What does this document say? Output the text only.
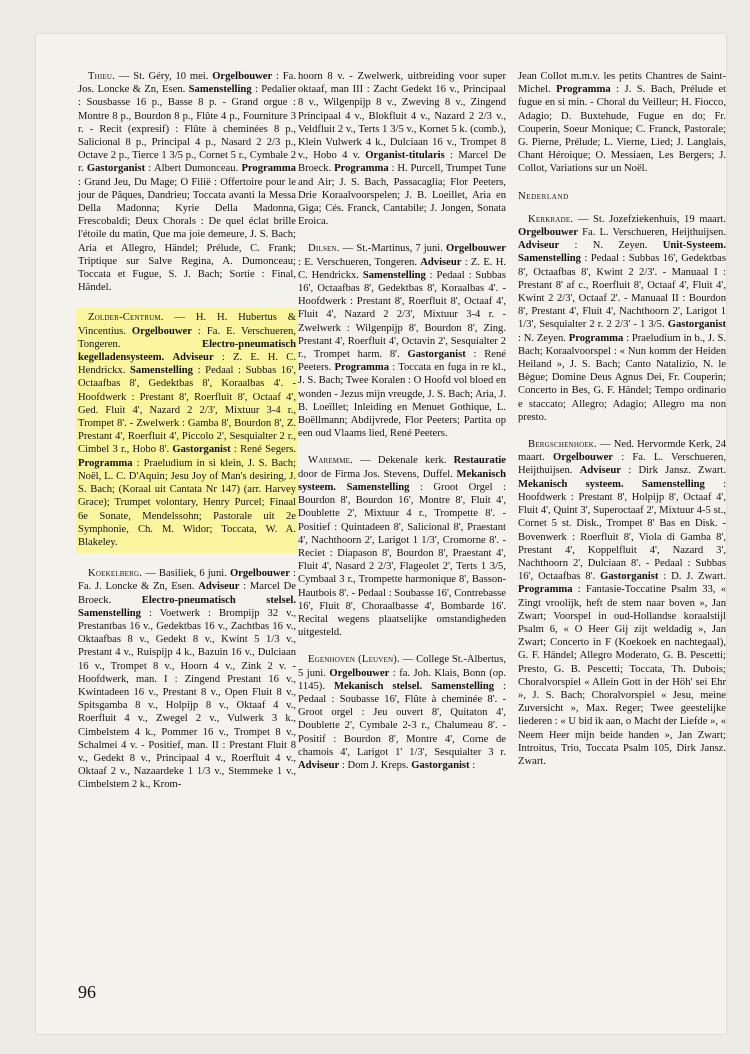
Thieu. — St. Géry, 10 mei. Orgelbouwer : Fa. Jos. Loncke & Zn, Esen. Samenstelling : Pedalier : Sousbasse 16 p., Basse 8 p. - Grand orgue : Montre 8 p., Bourdon 8 p., Flûte 4 p., Fourniture 3 r. - Recit (expresif) : Flûte à cheminées 8 p., Salicional 8 p., Principal 4 p., Nasard 2 2/3 p., Octave 2 p., Tierce 1 3/5 p., Cornet 5 r., Cymbale 2 r. Gastorganist : Albert Dumonceau. Programma : Grand Jeu, Du Mage; O Filië : Offertoire pour le jour de Pâques, Dandrieu; Toccata avanti la Messa Della Madonna; Kyrie Della Madonna, Frescobaldi; Deux Chorals : De quel éclat brille l'étoile du matin, Que ma joie demeure, J. S. Bach; Aria et Allegro, Händel; Prélude, C. Frank; Triptique sur Salve Regina, A. Dumonceau; Toccata et Fugue, S. J. Bach; Sortie : Final, Händel.

Zolder-Centrum. — H. H. Hubertus & Vincentius. Orgelbouwer : Fa. E. Verschueren, Tongeren. Electro-pneumatisch kegelladensysteem. Adviseur : Z. E. H. C. Hendrickx. Samenstelling : Pedaal : Subbas 16', Octaafbas 8', Gedektbas 8', Koraalbas 4'. - Hoofdwerk : Prestant 8', Roerfluit 8', Octaaf 4', Ged. Fluit 4', Nazard 2 2/3', Mixtuur 3-4 r., Trompet 8'. - Zwelwerk : Gamba 8', Bourdon 8', Z. Prestant 4', Roerfluit 4', Piccolo 2', Sesquialter 2 r., Cimbel 3 r., Hobo 8'. Gastorganist : René Segers. Programma : Praeludium in si klein, J. S. Bach; Noël, L. C. D'Aquin; Jesu Joy of Man's desiring, J. S. Bach; (Koraal uit Cantata Nr 147) (arr. Harvey Grace); Trumpet volontary, Henry Purcel; Finaal 6e Sonate, Mendelssohn; Pastorale uit 2e Symphonie, Ch. M. Widor; Toccata, W. A. Blakeley.

Koekelberg. — Basiliek, 6 juni. Orgelbouwer : Fa. J. Loncke & Zn, Esen. Adviseur : Marcel De Broeck. Electro-pneumatisch stelsel. Samenstelling : Voetwerk : Brompijp 32 v., Prestantbas 16 v., Gedektbas 16 v., Zachtbas 16 v., Oktaafbas 8 v., Gedekt 8 v., Kwint 5 1/3 v., Prestant 4 v., Ruispijp 4 k., Bazuin 16 v., Dulciaan 16 v., Trompet 8 v., Hoorn 4 v., Zink 2 v. - Hoofdwerk, man. I : Zingend Prestant 16 v., Kwintadeen 16 v., Prestant 8 v., Open Fluit 8 v., Spitsgamba 8 v., Holpijp 8 v., Oktaaf 4 v., Roerfluit 4 v., Zwegel 2 v., Vulwerk 3 k., Cimbelstem 4 k., Pommer 16 v., Trompet 8 v., Schalmei 4 v. - Positief, man. II : Prestant Fluit 8 v., Gedekt 8 v., Principaal 4 v., Roerfluit 4 v., Oktaaf 2 v., Nazaardeke 1 1/3 v., Stemmeke 1 v., Cimbelstem 2 k., Krom-

hoorn 8 v. - Zwelwerk, uitbreiding voor super oktaaf, man III : Zacht Gedekt 16 v., Principaal 8 v., Wilgenpijp 8 v., Zweving 8 v., Zingend Principaal 4 v., Blokfluit 4 v., Nazard 2 2/3 v., Veldfluit 2 v., Terts 1 3/5 v., Kornet 5 k. (comb.), Klein Vulwerk 4 k., Dulciaan 16 v., Trompet 8 v., Hobo 4 v. Organist-titularis : Marcel De Broeck. Programma : H. Purcell, Trumpet Tune and Air; J. S. Bach, Passacaglia; Flor Peeters, Drie Koraalvoorspelen; J. B. Loeillet, Aria en Giga; Cés. Franck, Cantabile; J. Jongen, Sonata Eroica.

Dilsen. — St.-Martinus, 7 juni. Orgelbouwer : E. Verschueren, Tongeren. Adviseur : Z. E. H. C. Hendrickx. Samenstelling : Pedaal : Subbas 16', Octaafbas 8', Gedektbas 8', Koraalbas 4'. - Hoofdwerk : Prestant 8', Roerfluit 8', Octaaf 4', Fluit 4', Nazard 2 2/3', Mixtuur 3-4 r. - Zwelwerk : Wilgenpijp 8', Bourdon 8', Zing. Prestant 4', Roerfluit 4', Octavin 2', Sesquialter 2 r., Trompet harm. 8'. Gastorganist : René Peeters. Programma : Toccata en fuga in re kl., J. S. Bach; Twee Koralen : O Hoofd vol bloed en wonden - Jezus mijn vreugde, J. S. Bach; Aria, J. B. Loeïllet; Inleiding en Menuet Gothique, L. Boëllmann; Abdijvrede, Flor Peeters; Partita op een oud Vlaams lied, René Peeters.

Waremme. — Dekenale kerk. Restauratie door de Firma Jos. Stevens, Duffel. Mekanisch systeem. Samenstelling : Groot Orgel : Bourdon 8', Bourdon 16', Montre 8', Fluit 4', Doublette 2', Mixtuur 4 r., Trompette 8'. - Positief : Quintadeen 8', Salicional 8', Praestant 4', Nachthoorn 2', Larigot 1 1/3', Cromorne 8'. - Reciet : Diapason 8', Bourdon 8', Praestant 4', Fluit 4', Nasard 2 2/3', Flageolet 2', Terts 1 3/5, Cymbaal 3 r., Trompette harmonique 8', Basson-Hautbois 8'. - Pedaal : Soubasse 16', Contrebasse 16', Fluit 8', Choraalbasse 4', Bombarde 16'. Recital wegens plaatselijke omstandigheden uitgesteld.

Egenhoven (Leuven). — College St.-Albertus, 5 juni. Orgelbouwer : fa. Joh. Klais, Bonn (op. 1145). Mekanisch stelsel. Samenstelling : Pedaal : Soubasse 16', Flûte à cheminée 8'. - Groot orgel : Jeu ouvert 8', Quitaton 4', Doublette 2', Cymbale 2-3 r., Chalumeau 8'. - Positif : Bourdon 8', Montre 4', Corne de chamois 4', Larigot 1' 1/3', Sesquialter 3 r. Adviseur : Dom J. Kreps. Gastorganist :

Jean Collot m.m.v. les petits Chantres de Saint-Michel. Programma : J. S. Bach, Prélude et fugue en si min. - Choral du Veilleur; H. Fiocco, Adagio; D. Buxtehude, Fugue en do; Fr. Couperin, Soeur Monique; C. Franck, Pastorale; G. Pierne, Prélude; L. Vierne, Lied; J. Langlais, Chant Héroique; O. Messiaen, Les Bergers; J. Collot, Variations sur un Noël.

Nederland

Kerkrade. — St. Jozefziekenhuis, 19 maart. Orgelbouwer Fa. L. Verschueren, Heijthuijsen. Adviseur : N. Zeyen. Unit-Systeem. Samenstelling : Pedaal : Subbas 16', Gedektbas 8', Octaafbas 8', Kwint 2 2/3'. - Manuaal I : Prestant 8' af c., Roerfluit 8', Octaaf 4', Fluit 4', Kwint 2 2/3', Octaaf 2'. - Manuaal II : Bourdon 8', Prestant 4', Fluit 4', Nachthoorn 2', Larigot 1 1/3', Sesquialter 2 r. 2 2/3' - 1 3/5. Gastorganist : N. Zeyen. Programma : Praeludium in b., J. S. Bach; Koraalvoorspel : « Nun komm der Heiden Heiland », J. S. Bach; Canto Natalizio, N. le Bègue; Domine Deus Agnus Dei, Fr. Couperin; Concerto in Bes, G. F. Händel; Tempo ordinario e staccato; Allegro; Adagio; Allegro ma non presto.

Bergschenhoek. — Ned. Hervormde Kerk, 24 maart. Orgelbouwer : Fa. L. Verschueren, Heijthuijsen. Adviseur : Dirk Jansz. Zwart. Mekanisch systeem. Samenstelling : Hoofdwerk : Prestant 8', Holpijp 8', Octaaf 4', Fluit 4', Quint 3', Superoctaaf 2', Mixtuur 4-5 st., Cornet 5 st. Disk., Trompet 8' Bas en Disk. - Bovenwerk : Roerfluit 8', Viola di Gamba 8', Prestant 4', Koppelfluit 4', Nazard 3', Nachthoorn 2', Dulciaan 8'. - Pedaal : Subbas 16', Octaafbas 8'. Gastorganist : D. J. Zwart. Programma : Fantasie-Toccatine Psalm 33, « Zingt vroolijk, heft de stem naar boven », Jan Zwart; Voorspel in oud-Hollandse koraalstijl Psalm 6, « O Heer Gij zijt weldadig », Jan Zwart; Concerto in F (Koekoek en nachtegaal), G. F. Händel; Allegro Moderato, G. B. Pescetti; Presto, G. B. Pescetti; Toccata, Th. Dubois; Choralvorspiel « Allein Gott in der Höh' sei Ehr », J. S. Bach; Choralvorspiel « Jesu, meine Zuversicht », Max. Reger; Twee geestelijke liederen : « U bid ik aan, o Macht der Liefde », « Neem Heer mijn beide handen », Jan Zwart; Introitus, Trio, Toccata Psalm 105, Dirk Jansz. Zwart.

96
